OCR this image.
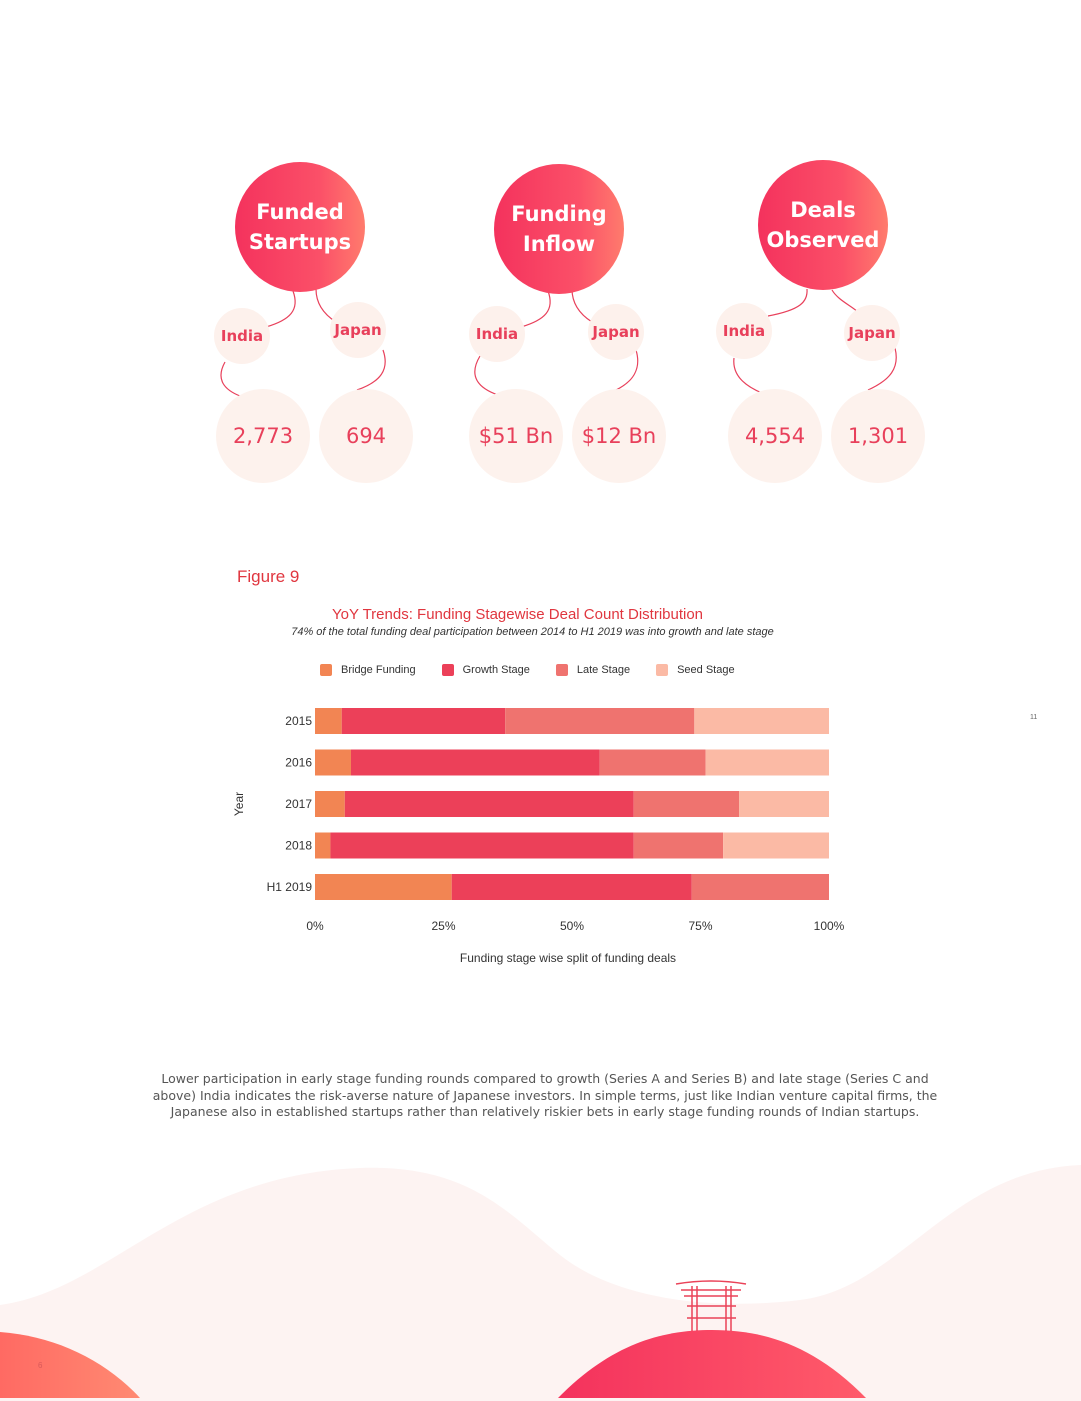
Funded
Startups
India	Japan
2,773	694
Funding
Inflow
India	Japan
$51 Bn $12 Bn
Deals
Observed
India	Japan
4,554 1,301
Figure 9
YoY Trends: Funding Stagewise Deal Count Distribution
74% of the total funding deal participation between 2014 to H1 2019 was into growth and late stage
Bridge Funding	Growth Stage	Late Stage	Seed Stage
2015
2016
2017
2018
H1 2019
0%	25%	50%	75%	100%
Funding stage wise split of funding deals
Year
Lower participation in early stage funding rounds compared to growth (Series A and Series B) and late stage (Series C and above) India indicates the risk-averse nature of Japanese investors. In simple terms, just like Indian venture capital firms, the Japanese also in established startups rather than relatively riskier bets in early stage funding rounds of Indian startups.
11
6
